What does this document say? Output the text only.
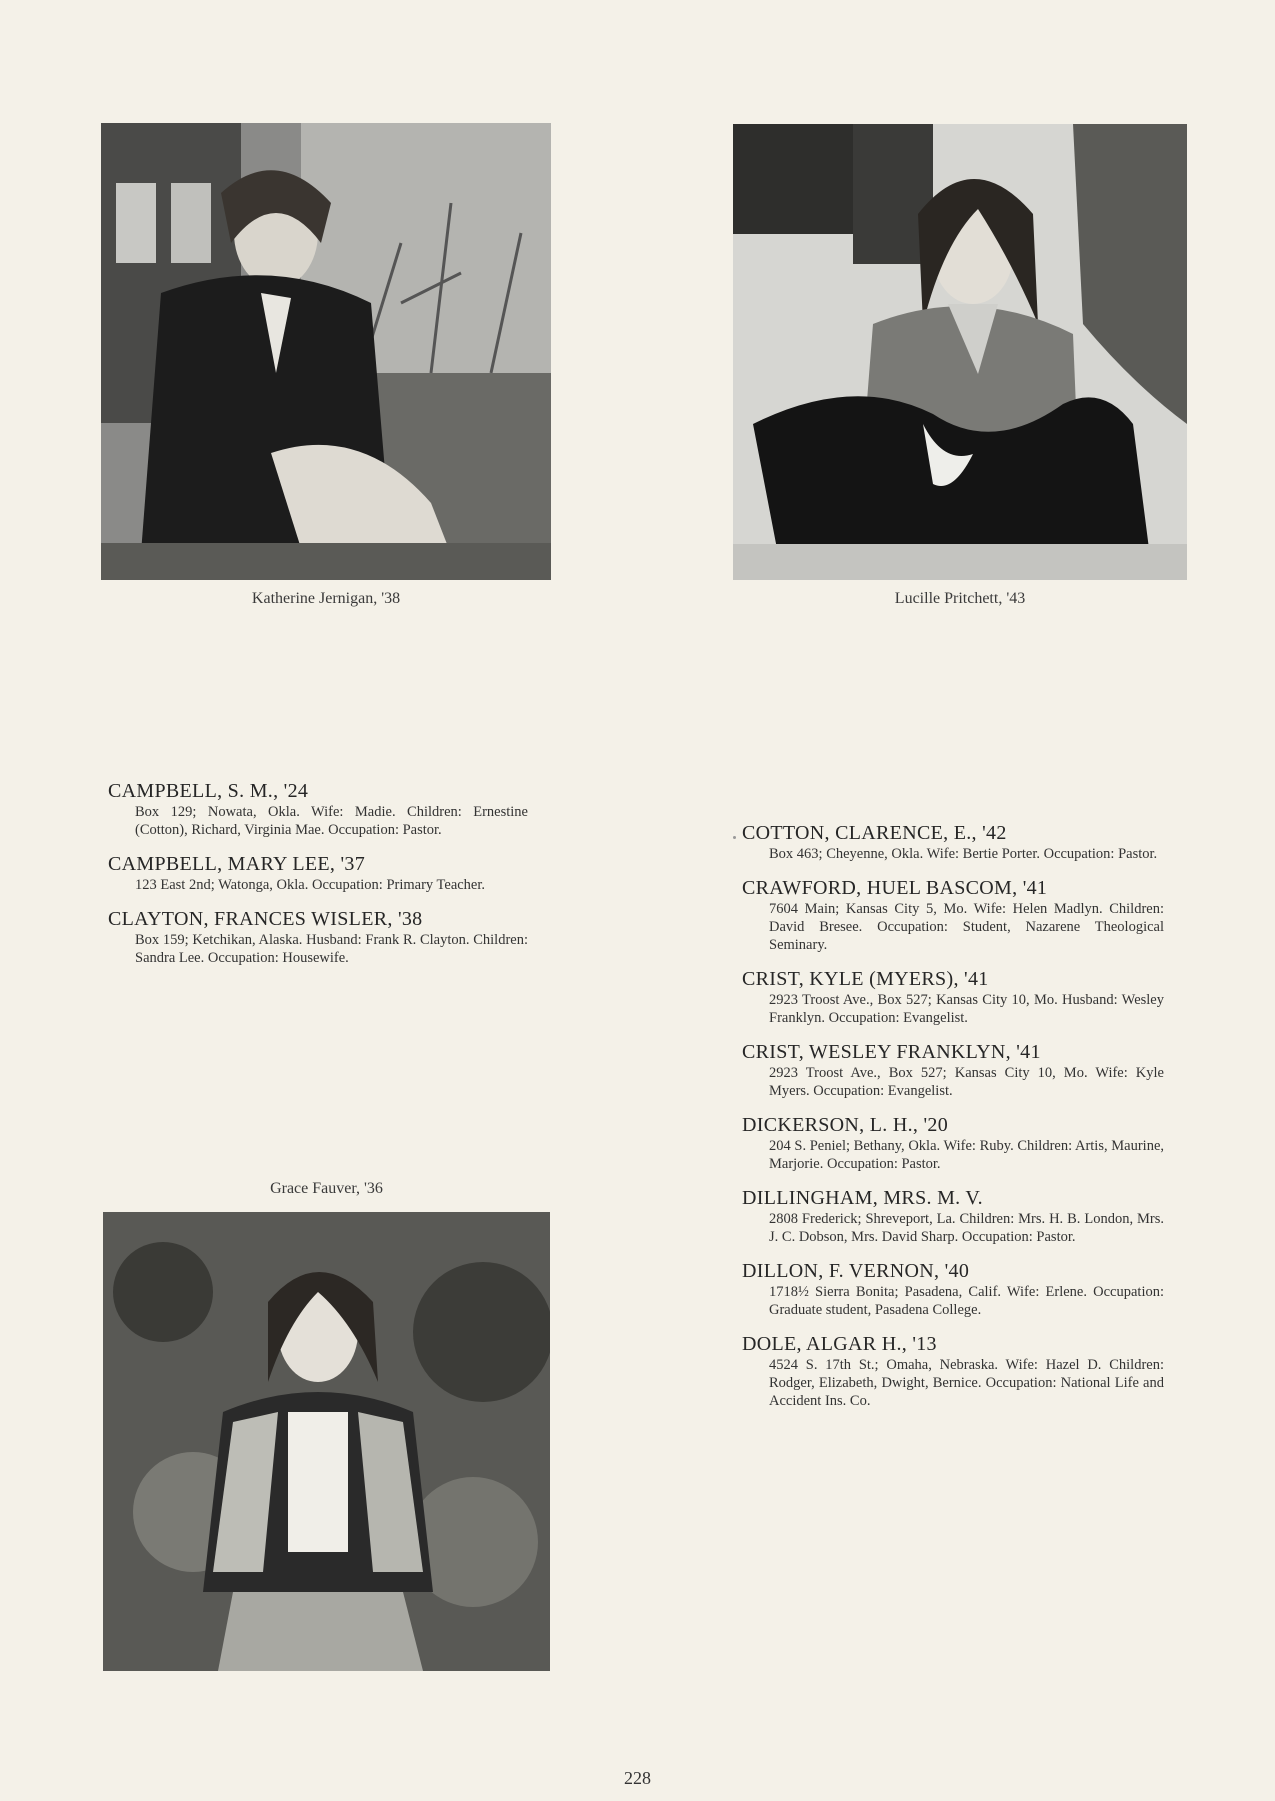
Katherine Jernigan, '38	Lucille Pritchett, '43
Grace Fauver, '36
CAMPBELL, S. M., '24
Box 129; Nowata, Okla. Wife: Madie. Children: Ernestine (Cotton), Richard, Virginia Mae. Occupation: Pastor.
CAMPBELL, MARY LEE, '37
123 East 2nd; Watonga, Okla. Occupation: Primary Teacher.
CLAYTON, FRANCES WISLER, '38
Box 159; Ketchikan, Alaska. Husband: Frank R. Clayton. Children: Sandra Lee. Occupation: Housewife.
COTTON, CLARENCE, E., '42
Box 463; Cheyenne, Okla. Wife: Bertie Porter. Occupation: Pastor.
CRAWFORD, HUEL BASCOM, '41
7604 Main; Kansas City 5, Mo. Wife: Helen Madlyn. Children: David Bresee. Occupation: Student, Nazarene Theological Seminary.
CRIST, KYLE (MYERS), '41
2923 Troost Ave., Box 527; Kansas City 10, Mo. Husband: Wesley Franklyn. Occupation: Evangelist.
CRIST, WESLEY FRANKLYN, '41
2923 Troost Ave., Box 527; Kansas City 10, Mo. Wife: Kyle Myers. Occupation: Evangelist.
DICKERSON, L. H., '20
204 S. Peniel; Bethany, Okla. Wife: Ruby. Children: Artis, Maurine, Marjorie. Occupation: Pastor.
DILLINGHAM, MRS. M. V.
2808 Frederick; Shreveport, La. Children: Mrs. H. B. London, Mrs. J. C. Dobson, Mrs. David Sharp. Occupation: Pastor.
DILLON, F. VERNON, '40
1718½ Sierra Bonita; Pasadena, Calif. Wife: Erlene. Occupation: Graduate student, Pasadena College.
DOLE, ALGAR H., '13
4524 S. 17th St.; Omaha, Nebraska. Wife: Hazel D. Children: Rodger, Elizabeth, Dwight, Bernice. Occupation: National Life and Accident Ins. Co.
228
